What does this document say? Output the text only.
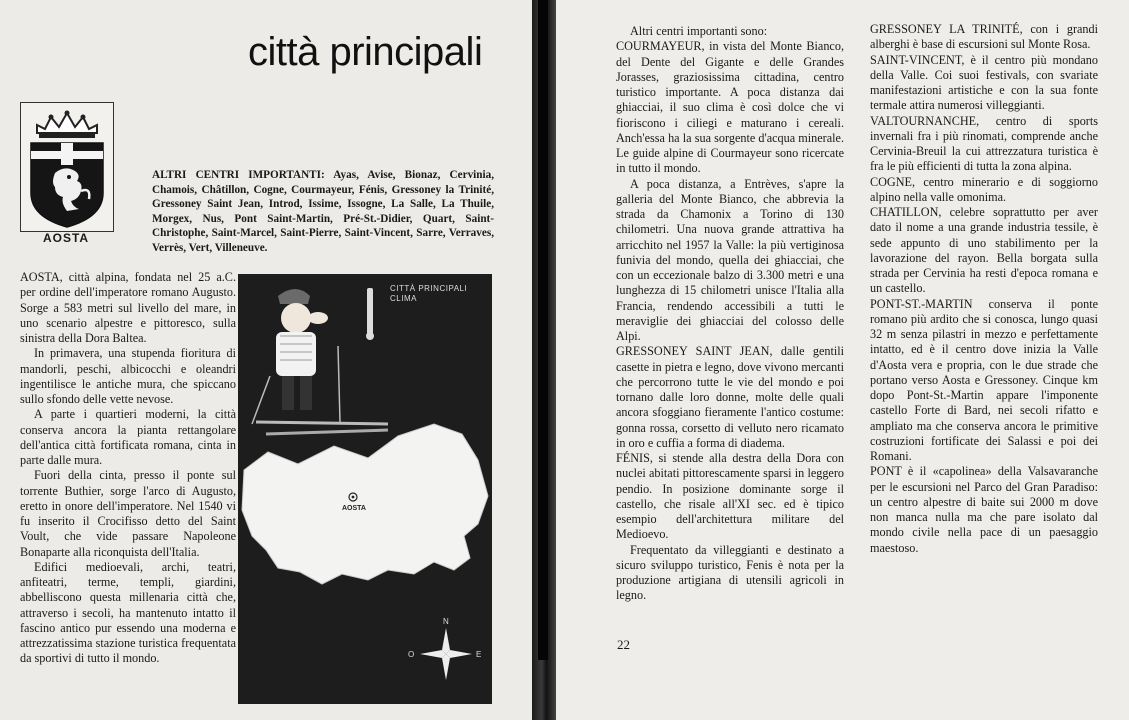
città principali
AOSTA
ALTRI CENTRI IMPORTANTI: Ayas, Avise, Bionaz, Cervinia, Chamois, Châtillon, Cogne, Courmayeur, Fénis, Gressoney la Trinité, Gressoney Saint Jean, Introd, Issime, Issogne, La Salle, La Thuile, Morgex, Nus, Pont Saint-Martin, Pré-St.-Didier, Quart, Saint-Christophe, Saint-Marcel, Saint-Pierre, Saint-Vincent, Sarre, Verraves, Verrès, Vert, Villeneuve.

AOSTA, città alpina, fondata nel 25 a.C. per ordine dell'imperatore romano Augusto. Sorge a 583 metri sul livello del mare, in uno scenario alpestre e pittoresco, sulla sinistra della Dora Baltea.

In primavera, una stupenda fioritura di mandorli, peschi, albicocchi e oleandri ingentilisce le antiche mura, che spiccano sullo sfondo delle vette nevose.

A parte i quartieri moderni, la città conserva ancora la pianta rettangolare dell'antica città fortificata romana, cinta in parte dalle mura.

Fuori della cinta, presso il ponte sul torrente Buthier, sorge l'arco di Augusto, eretto in onore dell'imperatore. Nel 1540 vi fu inserito il Crocifisso detto del Saint Voult, che vide passare Napoleone Bonaparte alla riconquista dell'Italia.

Edifici medioevali, archi, teatri, anfiteatri, terme, templi, giardini, abbelliscono questa millenaria città che, attraverso i secoli, ha mantenuto intatto il fascino antico pur essendo una moderna e attrezzatissima stazione turistica frequentata da sportivi di tutto il mondo.

N
E
O
CITTÀ PRINCIPALI
CLIMA
AOSTA

Altri centri importanti sono:

COURMAYEUR, in vista del Monte Bianco, del Dente del Gigante e delle Grandes Jorasses, graziosissima cittadina, centro turistico importante. A poca distanza dai ghiacciai, il suo clima è così dolce che vi fioriscono i ciliegi e maturano i cereali. Anch'essa ha la sua sorgente d'acqua minerale. Le guide alpine di Courmayeur sono ricercate in tutto il mondo.

A poca distanza, a Entrèves, s'apre la galleria del Monte Bianco, che abbrevia la strada da Chamonix a Torino di 130 chilometri. Una nuova grande attrattiva ha arricchito nel 1957 la Valle: la più vertiginosa funivia del mondo, quella dei ghiacciai, che con un eccezionale balzo di 3.300 metri e una lunghezza di 15 chilometri unisce l'Italia alla Francia, rendendo accessibili a tutti le meraviglie dei ghiacciai del colosso delle Alpi.

GRESSONEY SAINT JEAN, dalle gentili casette in pietra e legno, dove vivono mercanti che percorrono tutte le vie del mondo e poi tornano dalle loro donne, molte delle quali ancora sfoggiano fieramente l'antico costume: gonna rossa, corsetto di velluto nero ricamato in oro e cuffia a forma di diadema.

FÉNIS, si stende alla destra della Dora con nuclei abitati pittorescamente sparsi in leggero pendio. In posizione dominante sorge il castello, che risale all'XI sec. ed è tipico esempio dell'architettura militare del Medioevo.

Frequentato da villeggianti e destinato a sicuro sviluppo turistico, Fenis è nota per la produzione artigiana di utensili agricoli in legno.

22

GRESSONEY LA TRINITÉ, con i grandi alberghi è base di escursioni sul Monte Rosa.

SAINT-VINCENT, è il centro più mondano della Valle. Coi suoi festivals, con svariate manifestazioni artistiche e con la sua fonte termale attira numerosi villeggianti.

VALTOURNANCHE, centro di sports invernali fra i più rinomati, comprende anche Cervinia-Breuil la cui attrezzatura turistica è fra le più efficienti di tutta la zona alpina.

COGNE, centro minerario e di soggiorno alpino nella valle omonima.

CHATILLON, celebre soprattutto per aver dato il nome a una grande industria tessile, è sede appunto di uno stabilimento per la lavorazione del rayon. Bella borgata sulla strada per Cervinia ha resti d'epoca romana e un castello.

PONT-ST.-MARTIN conserva il ponte romano più ardito che si conosca, lungo quasi 32 m senza pilastri in mezzo e perfettamente intatto, ed è il centro dove inizia la Valle d'Aosta vera e propria, con le due strade che portano verso Aosta e Gressoney. Cinque km dopo Pont-St.-Martin appare l'imponente castello Forte di Bard, nei secoli rifatto e ampliato ma che conserva ancora le primitive costruzioni fortificate dei Salassi e poi dei Romani.

PONT è il «capolinea» della Valsavaranche per le escursioni nel Parco del Gran Paradiso: un centro alpestre di baite sui 2000 m dove non manca nulla ma che pare isolato dal mondo civile nella pace di un paesaggio maestoso.
